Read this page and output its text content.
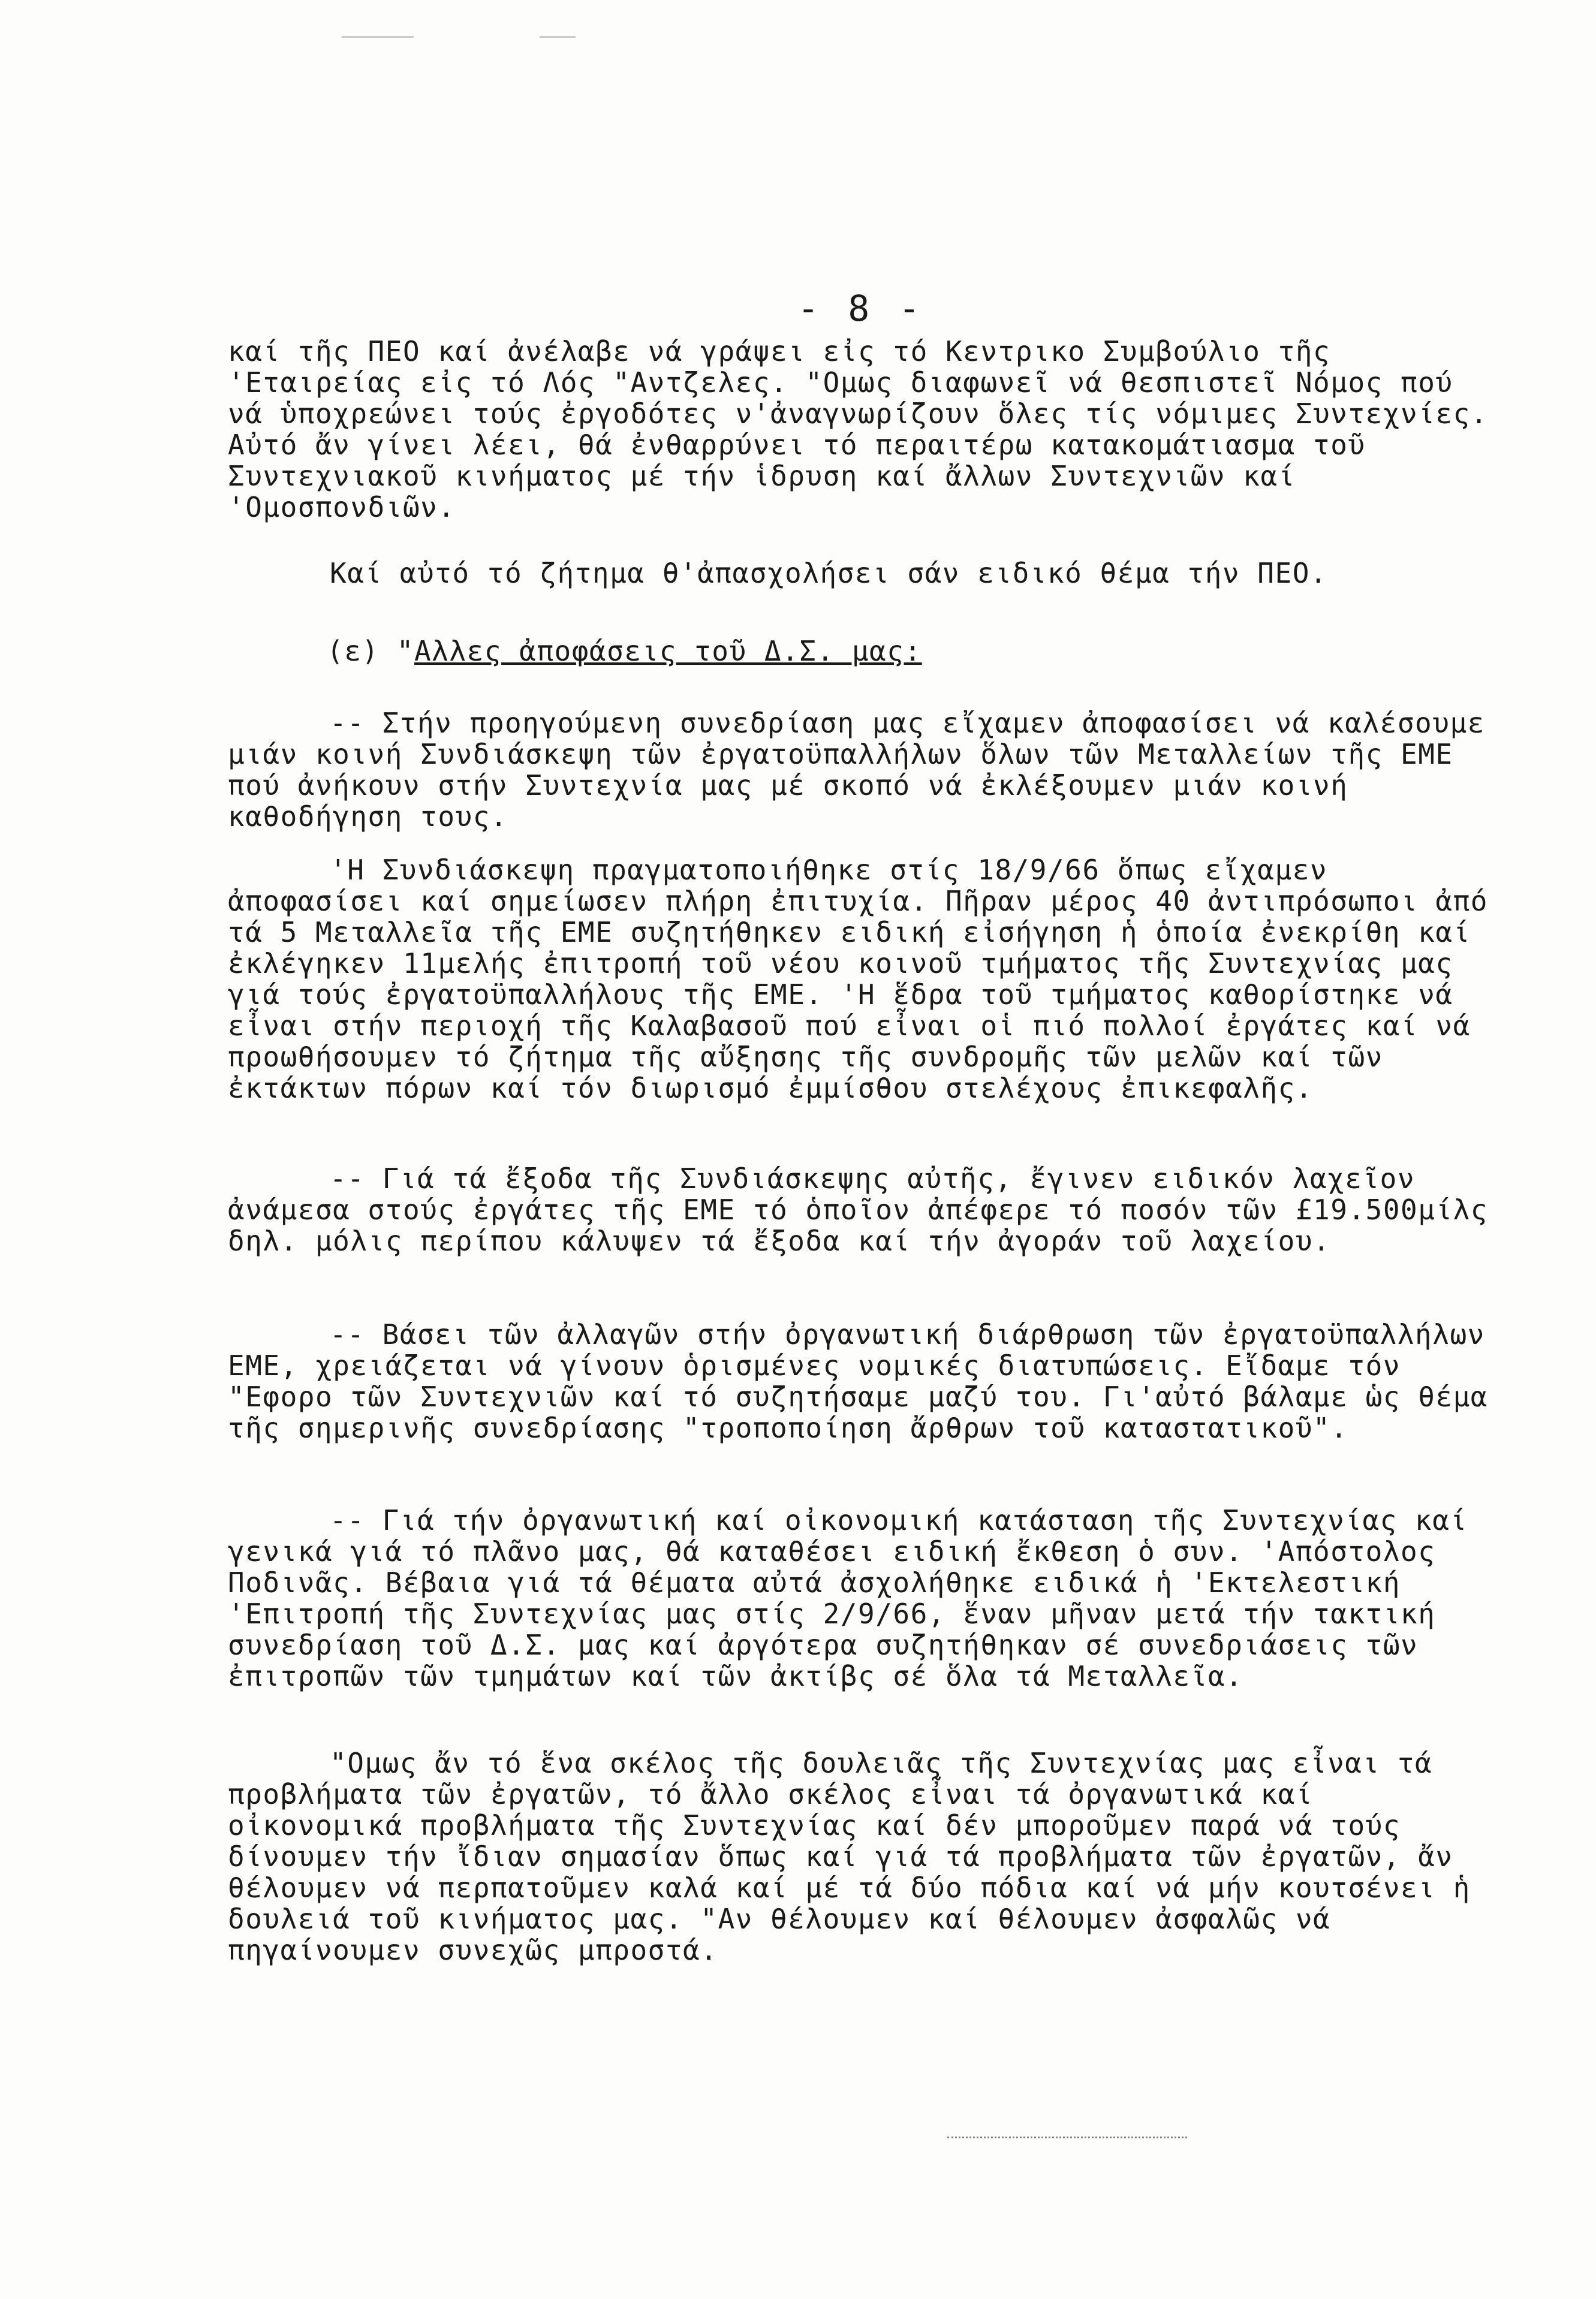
- 8 -
καί τῆς ΠΕΟ καί ἀνέλαβε νά γράψει εἰς τό Κεντρικο Συμβούλιο τῆς 'Εταιρείας εἰς τό Λός "Αντζελες. "Ομως διαφωνεῖ νά θεσπιστεῖ Νόμος πού νά ὑποχρεώνει τούς ἐργοδότες ν'ἀναγνωρίζουν ὅλες τίς νόμιμες Συντεχνίες. Αὐτό ἄν γίνει λέει, θά ἐνθαρρύνει τό περαιτέρω κατακομάτιασμα τοῦ Συντεχνιακοῦ κινήματος μέ τήν ἱδρυση καί ἄλλων Συντεχνιῶν καί 'Ομοσπονδιῶν.
Καί αὐτό τό ζήτημα θ'ἀπασχολήσει σάν ειδικό θέμα τήν ΠΕΟ.
(ε) "Αλλες ἀποφάσεις τοῦ Δ.Σ. μας:
-- Στήν προηγούμενη συνεδρίαση μας εἴχαμεν ἀποφασίσει νά καλέσουμε μιάν κοινή Συνδιάσκεψη τῶν ἐργατοϋπαλλήλων ὅλων τῶν Μεταλλείων τῆς ΕΜΕ πού ἀνήκουν στήν Συντεχνία μας μέ σκοπό νά ἐκλέξουμεν μιάν κοινή καθοδήγηση τους.
'Η Συνδιάσκεψη πραγματοποιήθηκε στίς 18/9/66 ὅπως εἴχαμεν ἀποφασίσει καί σημείωσεν πλήρη ἐπιτυχία. Πῆραν μέρος 40 ἀντιπρόσωποι ἀπό τά 5 Μεταλλεῖα τῆς ΕΜΕ συζητήθηκεν ειδική εἰσήγηση ἡ ὁποία ἐνεκρίθη καί ἐκλέγηκεν 11μελής ἐπιτροπή τοῦ νέου κοινοῦ τμήματος τῆς Συντεχνίας μας γιά τούς ἐργατοϋπαλλήλους τῆς ΕΜΕ. 'Η ἕδρα τοῦ τμήματος καθορίστηκε νά εἶναι στήν περιοχή τῆς Καλαβασοῦ πού εἶναι οἱ πιό πολλοί ἐργάτες καί νά προωθήσουμεν τό ζήτημα τῆς αὔξησης τῆς συνδρομῆς τῶν μελῶν καί τῶν ἐκτάκτων πόρων καί τόν διωρισμό ἐμμίσθου στελέχους ἐπικεφαλῆς.
-- Γιά τά ἔξοδα τῆς Συνδιάσκεψης αὐτῆς, ἔγινεν ειδικόν λαχεῖον ἀνάμεσα στούς ἐργάτες τῆς ΕΜΕ τό ὁποῖον ἀπέφερε τό ποσόν τῶν £19.500μίλς δηλ. μόλις περίπου κάλυψεν τά ἔξοδα καί τήν ἀγοράν τοῦ λαχείου.
-- Βάσει τῶν ἀλλαγῶν στήν ὀργανωτική διάρθρωση τῶν ἐργατοϋπαλλήλων ΕΜΕ, χρειάζεται νά γίνουν ὁρισμένες νομικές διατυπώσεις. Εἴδαμε τόν "Εφορο τῶν Συντεχνιῶν καί τό συζητήσαμε μαζύ του. Γι'αὐτό βάλαμε ὡς θέμα τῆς σημερινῆς συνεδρίασης "τροποποίηση ἄρθρων τοῦ καταστατικοῦ".
-- Γιά τήν ὀργανωτική καί οἰκονομική κατάσταση τῆς Συντεχνίας καί γενικά γιά τό πλᾶνο μας, θά καταθέσει ειδική ἔκθεση ὁ συν. 'Απόστολος Ποδινᾶς. Βέβαια γιά τά θέματα αὐτά ἀσχολήθηκε ειδικά ἡ 'Εκτελεστική 'Επιτροπή τῆς Συντεχνίας μας στίς 2/9/66, ἕναν μῆναν μετά τήν τακτική συνεδρίαση τοῦ Δ.Σ. μας καί ἀργότερα συζητήθηκαν σέ συνεδριάσεις τῶν ἐπιτροπῶν τῶν τμημάτων καί τῶν ἀκτίβς σέ ὅλα τά Μεταλλεῖα.
"Ομως ἄν τό ἕνα σκέλος τῆς δουλειᾶς τῆς Συντεχνίας μας εἶναι τά προβλήματα τῶν ἐργατῶν, τό ἄλλο σκέλος εἶναι τά ὀργανωτικά καί οἰκονομικά προβλήματα τῆς Συντεχνίας καί δέν μποροῦμεν παρά νά τούς δίνουμεν τήν ἴδιαν σημασίαν ὅπως καί γιά τά προβλήματα τῶν ἐργατῶν, ἄν θέλουμεν νά περπατοῦμεν καλά καί μέ τά δύο πόδια καί νά μήν κουτσένει ἡ δουλειά τοῦ κινήματος μας. "Αν θέλουμεν καί θέλουμεν ἀσφαλῶς νά πηγαίνουμεν συνεχῶς μπροστά.
